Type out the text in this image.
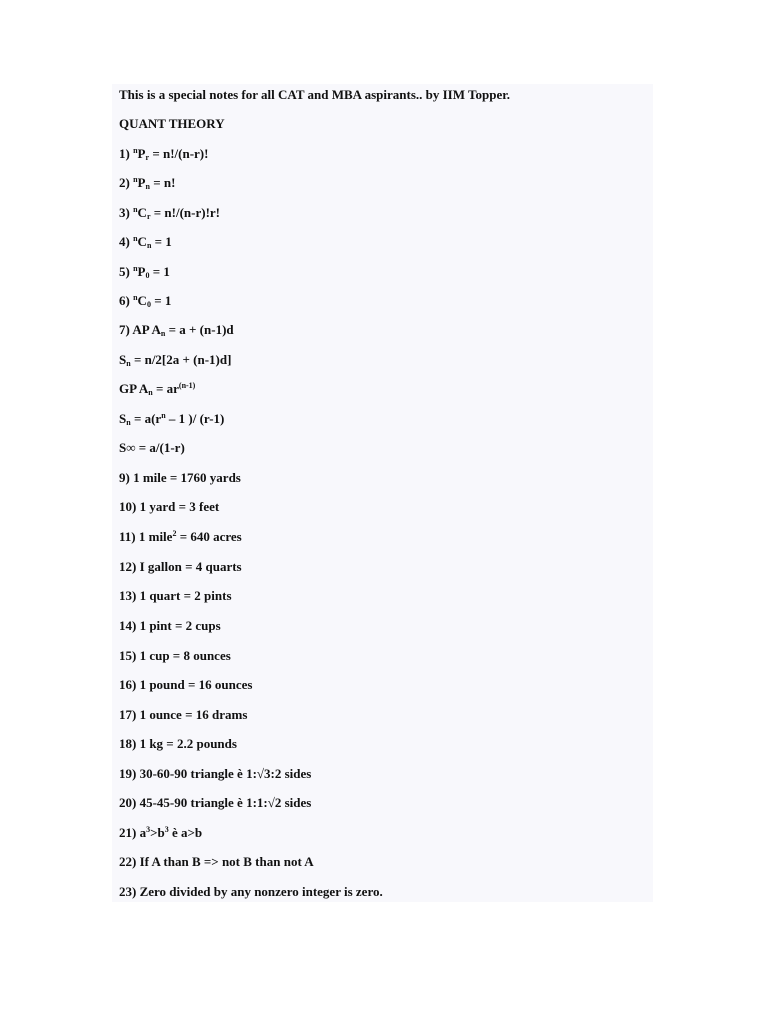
This is a special notes for all CAT and MBA aspirants.. by IIM Topper.
QUANT THEORY
1) $^nP_r = n!/(n-r)$!
2) $^nP_n = n$!
3) $^nC_r = n!/(n-r)!r$!
4) $^nC_n = 1$
5) $^nP_0 = 1$
6) $^nC_0 = 1$
7) AP $A_n = a + (n-1)d$
$S_n = n/2[2a + (n-1)d]$
GP $A_n = ar^{(n-1)}$
$S_n = a(r^n - 1$ )/ (r-1)
S∞ = a/(1-r)
9) 1 mile = 1760 yards
10) 1 yard = 3 feet
11) 1 mile$^2$ = 640 acres
12) I gallon = 4 quarts
13) 1 quart = 2 pints
14) 1 pint = 2 cups
15) 1 cup = 8 ounces
16) 1 pound = 16 ounces
17) 1 ounce = 16 drams
18) 1 kg = 2.2 pounds
19) 30-60-90 triangle è 1:√3:2 sides
20) 45-45-90 triangle è 1:1:√2 sides
21) $a^3>b^3$ è a>b
22) If A than B => not B than not A
23) Zero divided by any nonzero integer is zero.
